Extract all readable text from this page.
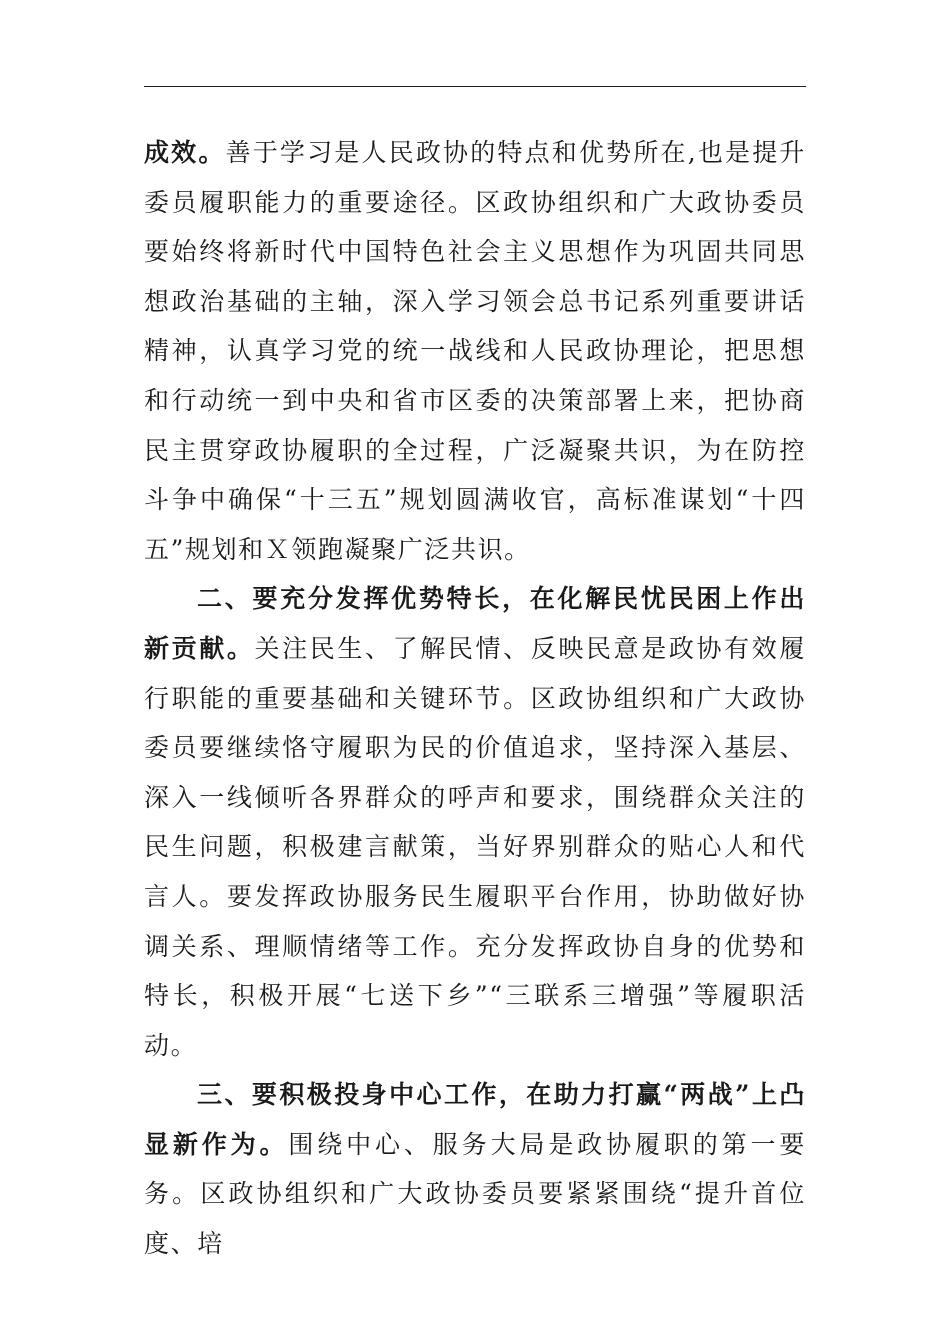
成效。善于学习是人民政协的特点和优势所在,也是提升委员履职能力的重要途径。区政协组织和广大政协委员要始终将新时代中国特色社会主义思想作为巩固共同思想政治基础的主轴，深入学习领会总书记系列重要讲话精神，认真学习党的统一战线和人民政协理论，把思想和行动统一到中央和省市区委的决策部署上来，把协商民主贯穿政协履职的全过程，广泛凝聚共识，为在防控斗争中确保“十三五”规划圆满收官，高标准谋划“十四五”规划和Ｘ领跑凝聚广泛共识。

二、要充分发挥优势特长，在化解民忧民困上作出新贡献。关注民生、了解民情、反映民意是政协有效履行职能的重要基础和关键环节。区政协组织和广大政协委员要继续恪守履职为民的价值追求，坚持深入基层、深入一线倾听各界群众的呼声和要求，围绕群众关注的民生问题，积极建言献策，当好界别群众的贴心人和代言人。要发挥政协服务民生履职平台作用，协助做好协调关系、理顺情绪等工作。充分发挥政协自身的优势和特长，积极开展“七送下乡”“三联系三增强”等履职活动。

三、要积极投身中心工作，在助力打赢“两战”上凸显新作为。围绕中心、服务大局是政协履职的第一要务。区政协组织和广大政协委员要紧紧围绕“提升首位度、培
